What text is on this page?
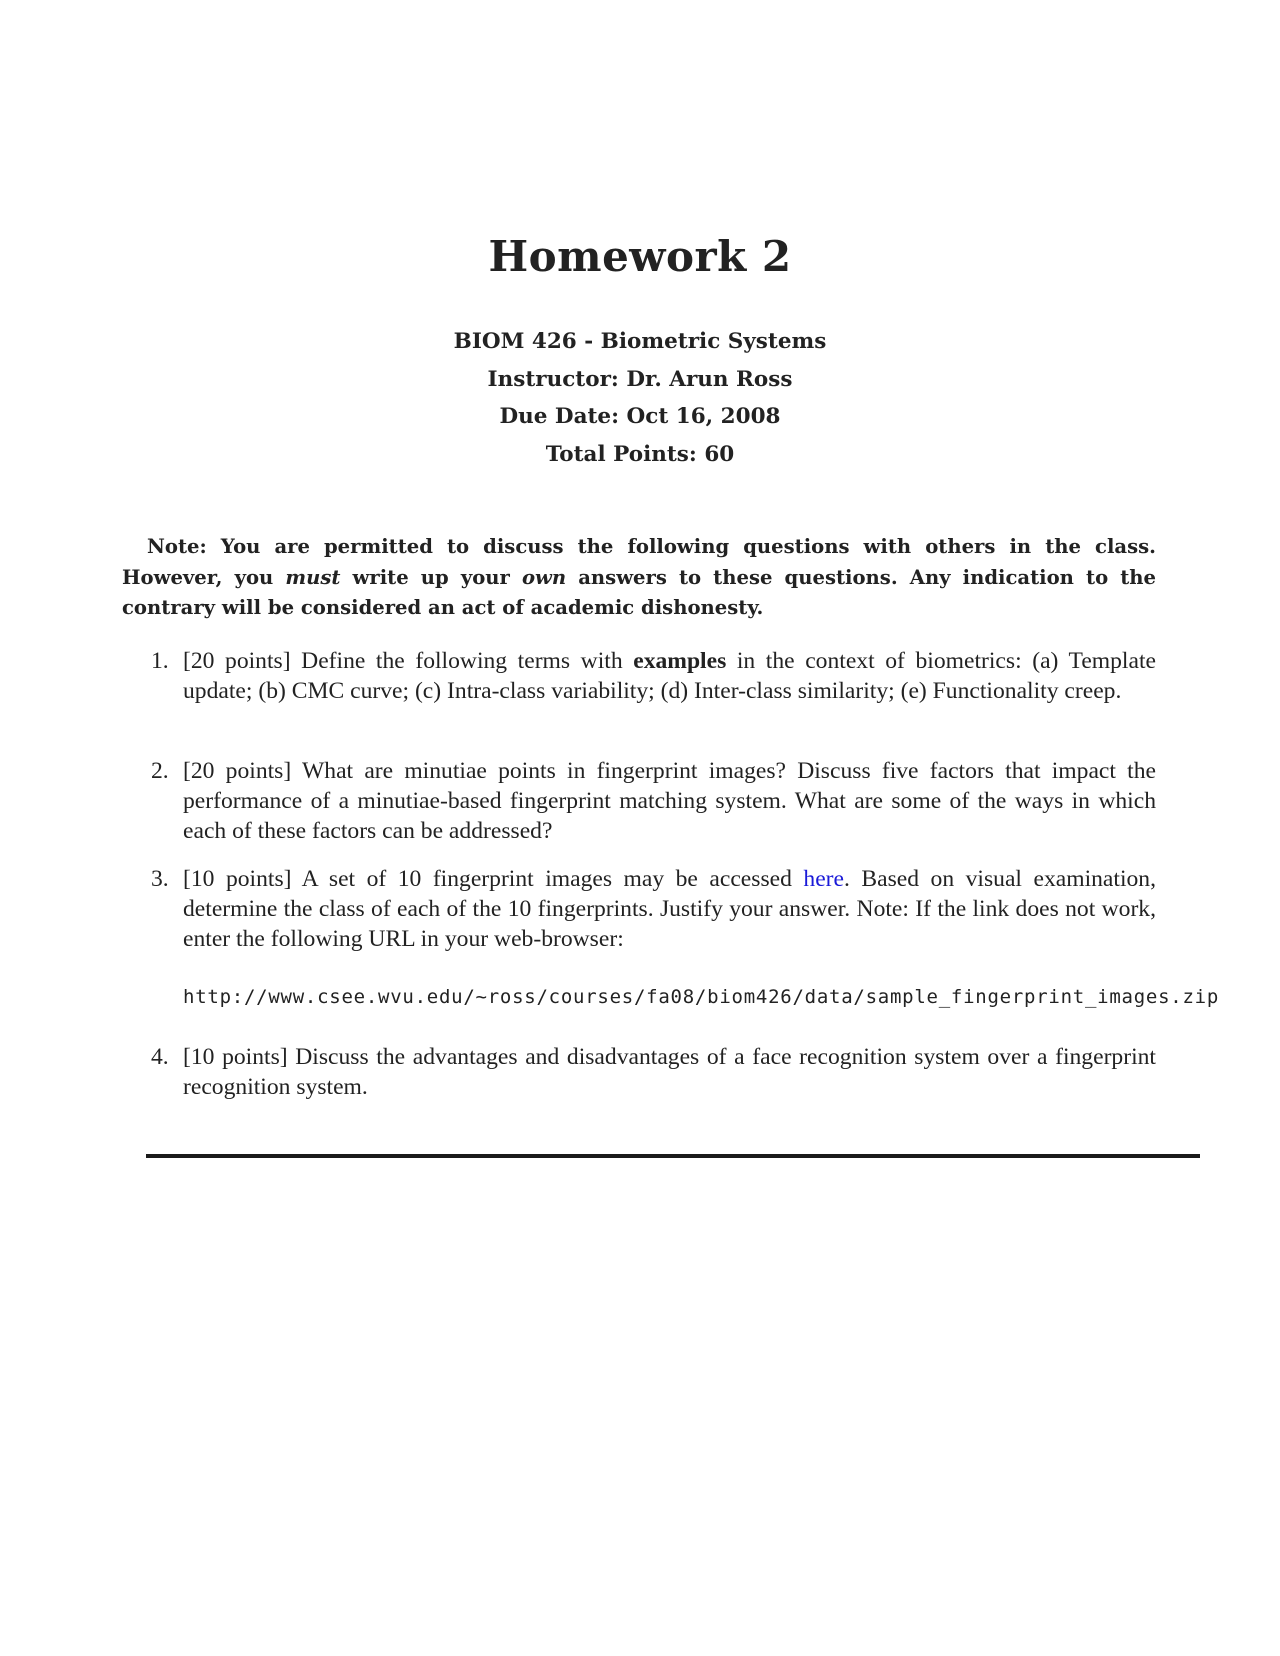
Homework 2
BIOM 426 - Biometric Systems
Instructor: Dr. Arun Ross
Due Date: Oct 16, 2008
Total Points: 60
Note: You are permitted to discuss the following questions with others in the class. However, you must write up your own answers to these questions. Any indication to the contrary will be considered an act of academic dishonesty.
1. [20 points] Define the following terms with examples in the context of biometrics: (a) Template update; (b) CMC curve; (c) Intra-class variability; (d) Inter-class similarity; (e) Functionality creep.
2. [20 points] What are minutiae points in fingerprint images? Discuss five factors that impact the performance of a minutiae-based fingerprint matching system. What are some of the ways in which each of these factors can be addressed?
3. [10 points] A set of 10 fingerprint images may be accessed here. Based on visual examination, determine the class of each of the 10 fingerprints. Justify your answer. Note: If the link does not work, enter the following URL in your web-browser:
http://www.csee.wvu.edu/~ross/courses/fa08/biom426/data/sample_fingerprint_images.zip
4. [10 points] Discuss the advantages and disadvantages of a face recognition system over a fingerprint recognition system.
